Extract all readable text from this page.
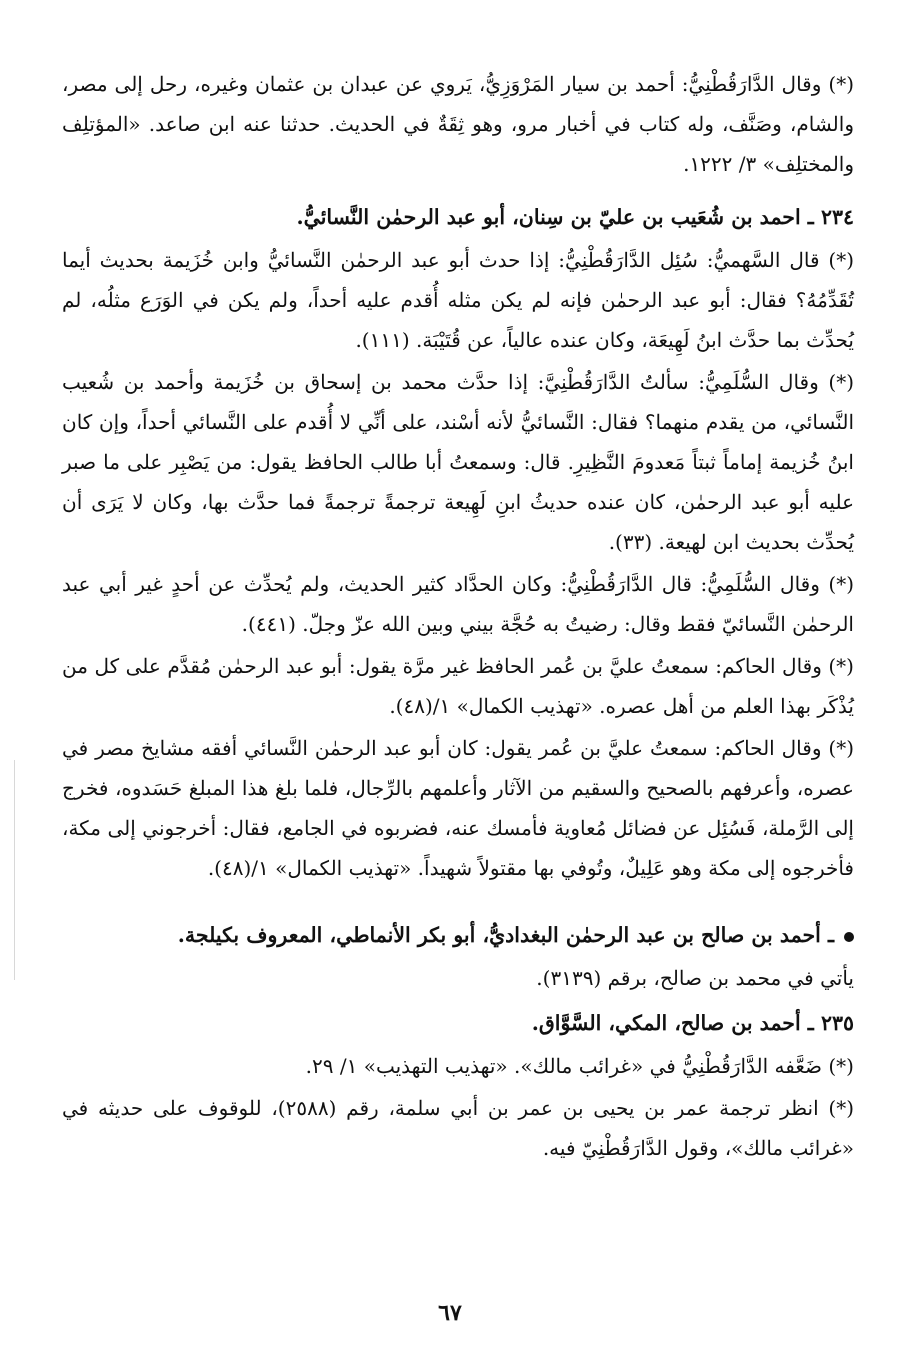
(*) وقال الدَّارَقُطْنِيُّ: أحمد بن سيار المَرْوَزِيُّ، يَروي عن عبدان بن عثمان وغيره، رحل إلى مصر، والشام، وصَنَّف، وله كتاب في أخبار مرو، وهو ثِقَةٌ في الحديث. حدثنا عنه ابن صاعد. «المؤتلِف والمختلِف» ٣/ ١٢٢٢.

٢٣٤ ـ احمد بن شُعَيب بن عليّ بن سِنان، أبو عبد الرحمٰن النَّسائيُّ.

(*) قال السَّهميُّ: سُئِل الدَّارَقُطْنِيُّ: إذا حدث أبو عبد الرحمٰن النَّسائيُّ وابن خُزَيمة بحديث أيما تُقَدِّمُهُ؟ فقال: أبو عبد الرحمٰن فإنه لم يكن مثله أُقدم عليه أحداً، ولم يكن في الوَرَع مثلُه، لم يُحدِّث بما حدَّث ابنُ لَهِيعَة، وكان عنده عالياً، عن قُتَيْبَة. (١١١).

(*) وقال السُّلَمِيُّ: سألتُ الدَّارَقُطْنِيَّ: إذا حدَّث محمد بن إسحاق بن خُزَيمة وأحمد بن شُعيب النَّسائي، من يقدم منهما؟ فقال: النَّسائيُّ لأنه أسْند، على أنِّي لا أُقدم على النَّسائي أحداً، وإن كان ابنُ خُزيمة إماماً ثبتاً مَعدومَ النَّظِيرِ. قال: وسمعتُ أبا طالب الحافظ يقول: من يَصْبِر على ما صبر عليه أبو عبد الرحمٰن، كان عنده حديثُ ابنِ لَهِيعة ترجمةً ترجمةً فما حدَّث بها، وكان لا يَرَى أن يُحدِّث بحديث ابن لهيعة. (٣٣).

(*) وقال السُّلَمِيُّ: قال الدَّارَقُطْنِيُّ: وكان الحدَّاد كثير الحديث، ولم يُحدِّث عن أحدٍ غير أبي عبد الرحمٰن النَّسائيّ فقط وقال: رضيتُ به حُجَّة بيني وبين الله عزّ وجلّ. (٤٤١).

(*) وقال الحاكم: سمعتُ عليَّ بن عُمر الحافظ غير مرَّة يقول: أبو عبد الرحمٰن مُقدَّم على كل من يُذْكَر بهذا العلم من أهل عصره. «تهذيب الكمال» ١/(٤٨).

(*) وقال الحاكم: سمعتُ عليَّ بن عُمر يقول: كان أبو عبد الرحمٰن النَّسائي أفقه مشايخ مصر في عصره، وأعرفهم بالصحيح والسقيم من الآثار وأعلمهم بالرِّجال، فلما بلغ هذا المبلغ حَسَدوه، فخرج إلى الرَّملة، فَسُئِل عن فضائل مُعاوية فأمسك عنه، فضربوه في الجامع، فقال: أخرجوني إلى مكة، فأخرجوه إلى مكة وهو عَلِيلٌ، وتُوفي بها مقتولاً شهيداً. «تهذيب الكمال» ١/(٤٨).

ـ أحمد بن صالح بن عبد الرحمٰن البغداديُّ، أبو بكر الأنماطي، المعروف بكيلجة.

يأتي في محمد بن صالح، برقم (٣١٣٩).

٢٣٥ ـ أحمد بن صالح، المكي، السَّوَّاق.

(*) ضَعَّفه الدَّارَقُطْنِيُّ في «غرائب مالك». «تهذيب التهذيب» ١/ ٢٩.

(*) انظر ترجمة عمر بن يحيى بن عمر بن أبي سلمة، رقم (٢٥٨٨)، للوقوف على حديثه في «غرائب مالك»، وقول الدَّارَقُطْنِيّ فيه.

٦٧
